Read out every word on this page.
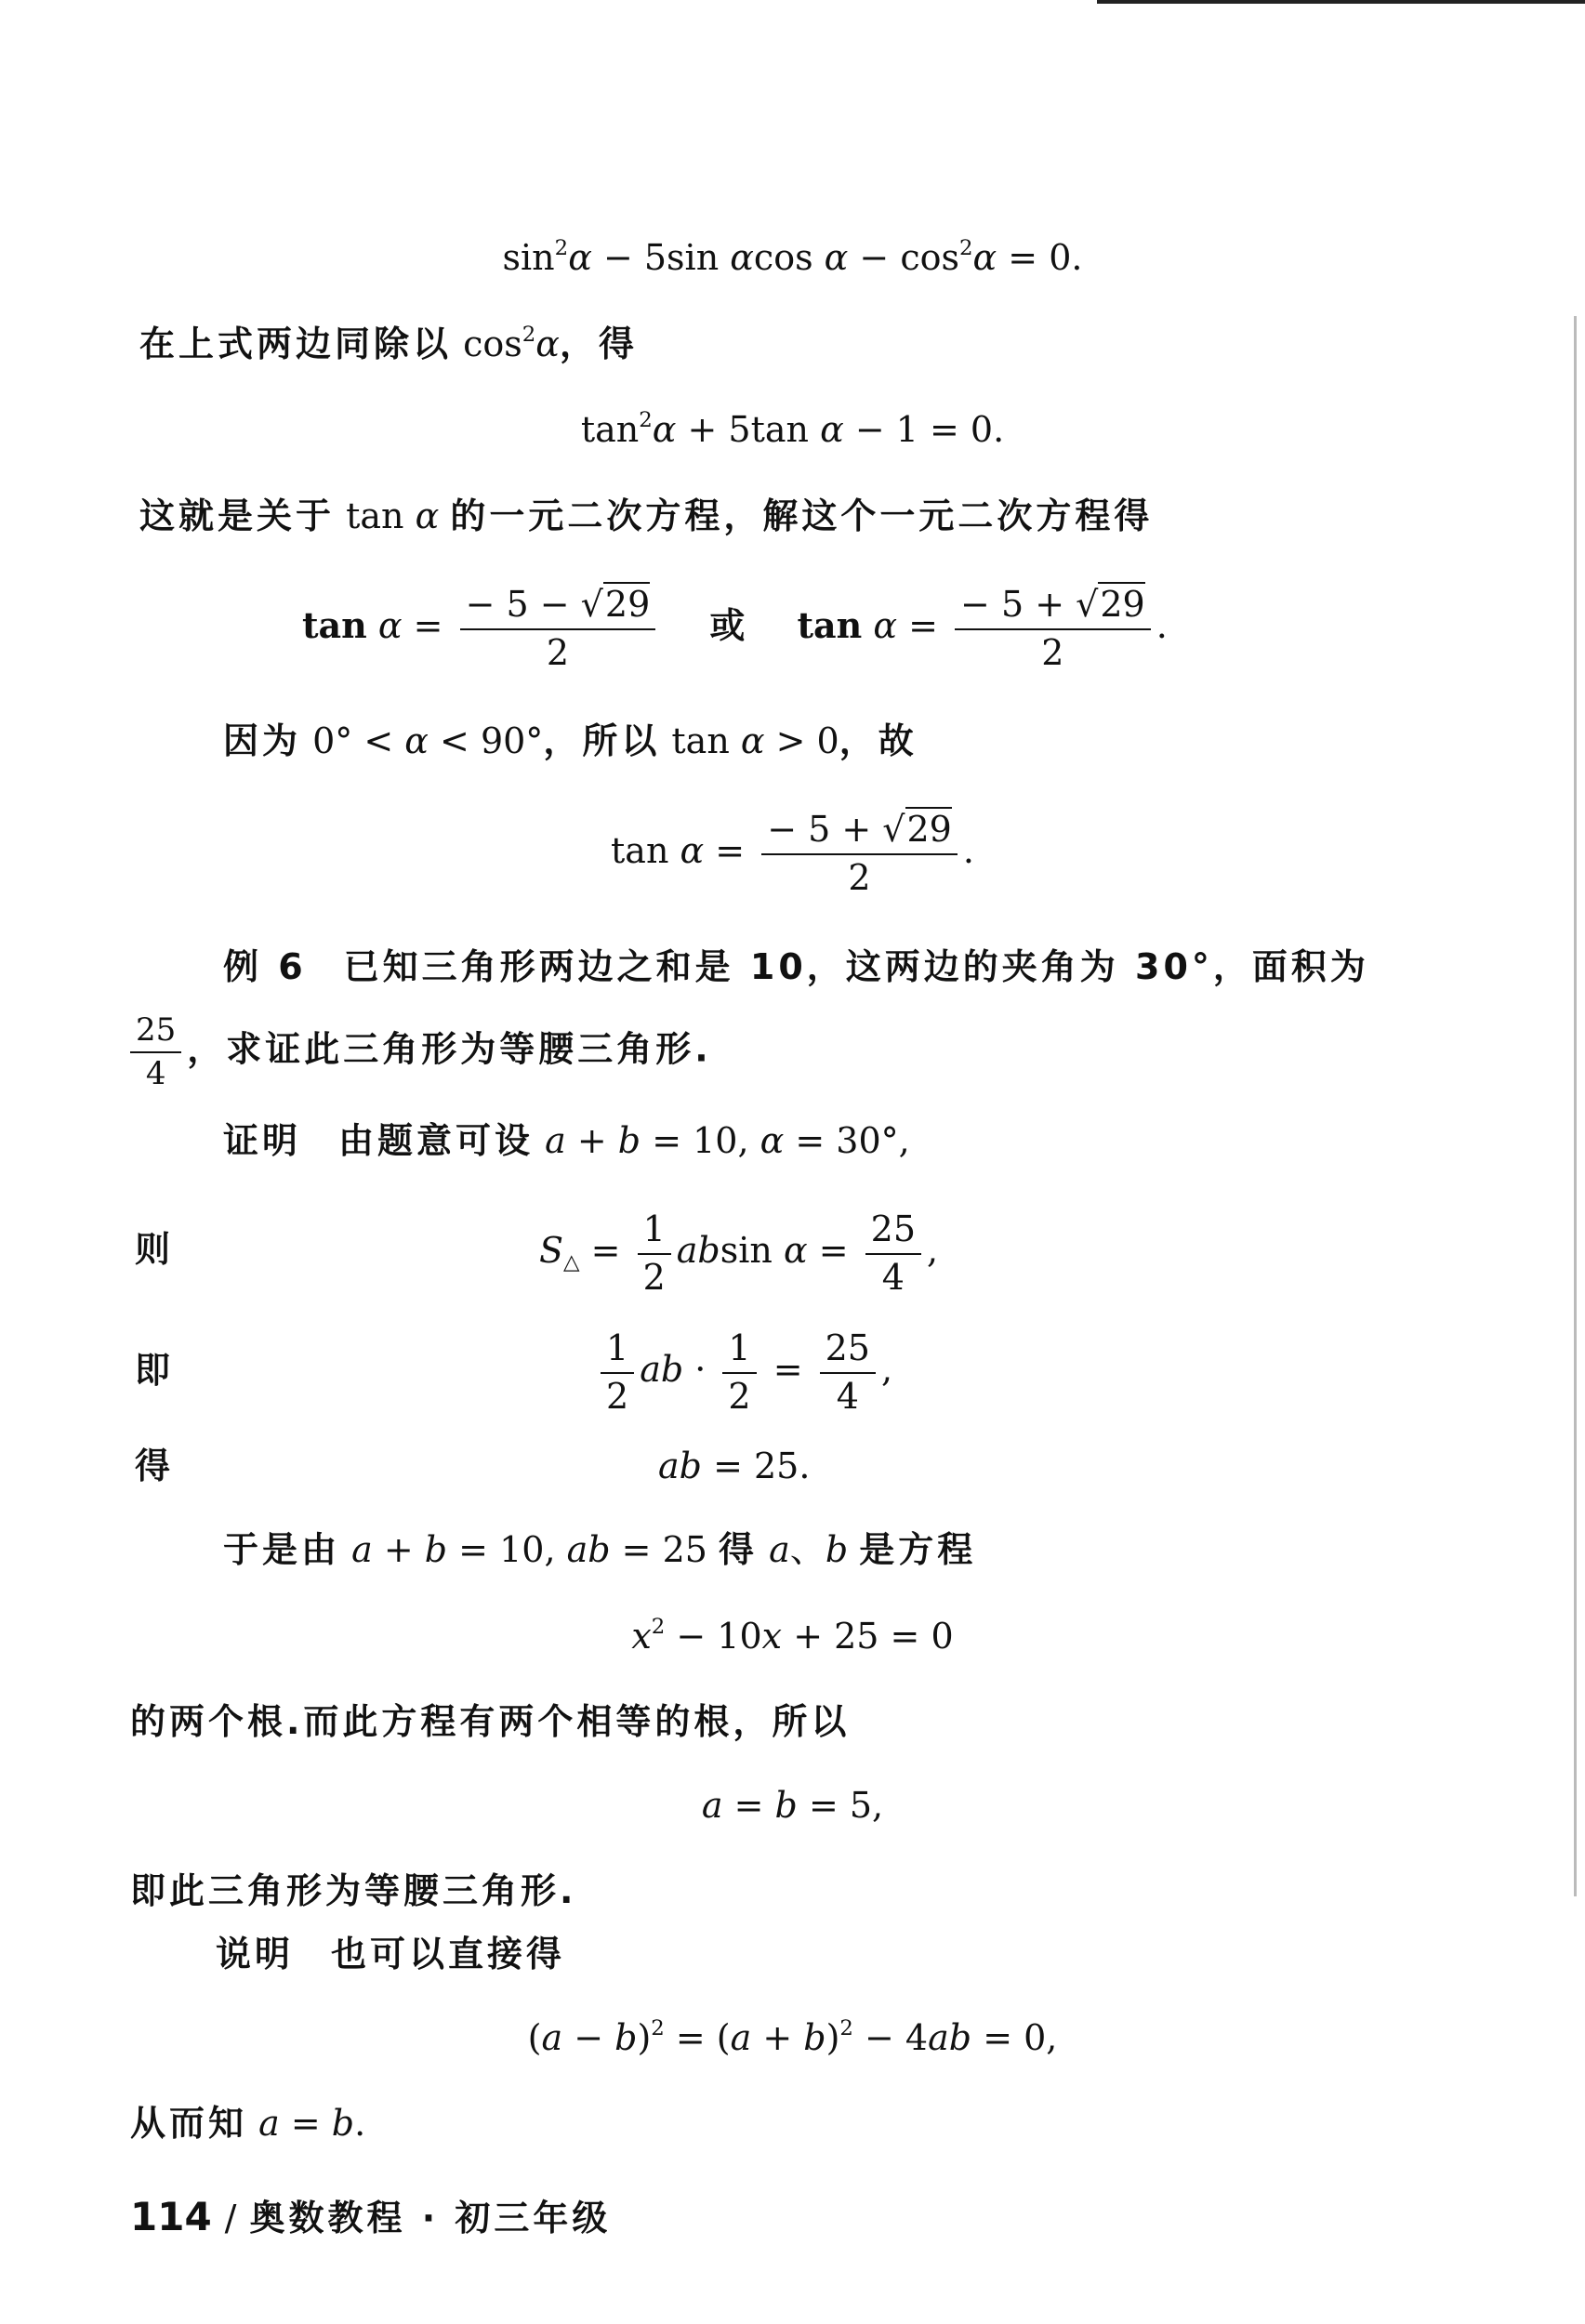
$\sin^2\alpha - 5\sin$ αcos $\alpha - \cos^2\alpha = 0$.
在上式两边同除以 $\cos^2\alpha$，得
$\tan^2\alpha + 5\tan$ α − 1 = 0.
这就是关于 tan α 的一元二次方程，解这个一元二次方程得
$\tan \alpha = \frac{- 5 - √29}{2}$ 或 $\tan \alpha = \frac{- 5 + √29}{2}$ .
因为 0° < α < 90°，所以 tan α > 0，故
$\tan \alpha = \frac{- 5 + √29}{2}$ .
例 6 已知三角形两边之和是 10，这两边的夹角为 30°，面积为
$\frac{25}{4}$ ，求证此三角形为等腰三角形.
证明 由题意可设 a + b = 10, α = 30°,
则	$S_\triangle = \frac{1}{2}$ absin $\alpha = \frac{25}{4}$ ,
即	$\frac{1}{2}$ ab · $\frac{1}{2} = \frac{25}{4}$ ,
得	ab = 25.
于是由 a + b = 10, ab = 25 得 a、b 是方程
$x^2 - 10x + 25 = 0$
的两个根.而此方程有两个相等的根，所以
a = b = 5,
即此三角形为等腰三角形.
说明 也可以直接得
$(a - b)^2 = (a + b)^2 - 4ab = 0$,
从而知 a = b.
114 / 奥数教程 · 初三年级
